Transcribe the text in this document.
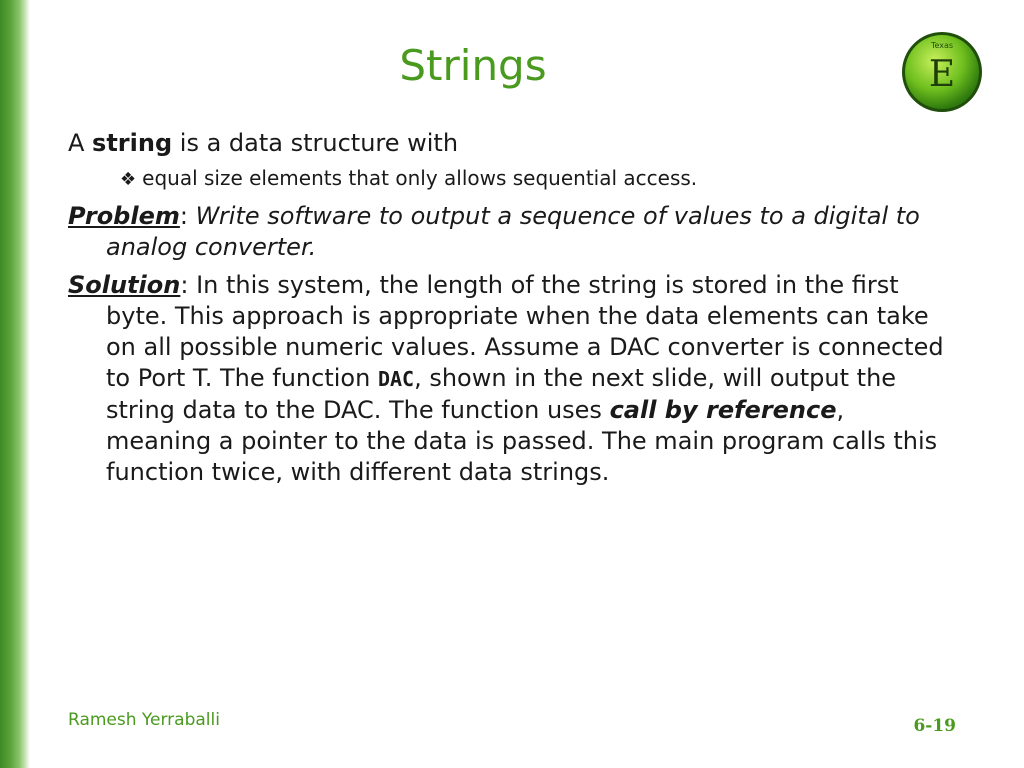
Strings	Texas
E

A string is a data structure with

❖ equal size elements that only allows sequential access.

Problem: Write software to output a sequence of values to a digital to analog converter.

Solution: In this system, the length of the string is stored in the first byte. This approach is appropriate when the data elements can take on all possible numeric values. Assume a DAC converter is connected to Port T. The function DAC, shown in the next slide, will output the string data to the DAC. The function uses call by reference, meaning a pointer to the data is passed. The main program calls this function twice, with different data strings.

Ramesh Yerraballi	6-19
